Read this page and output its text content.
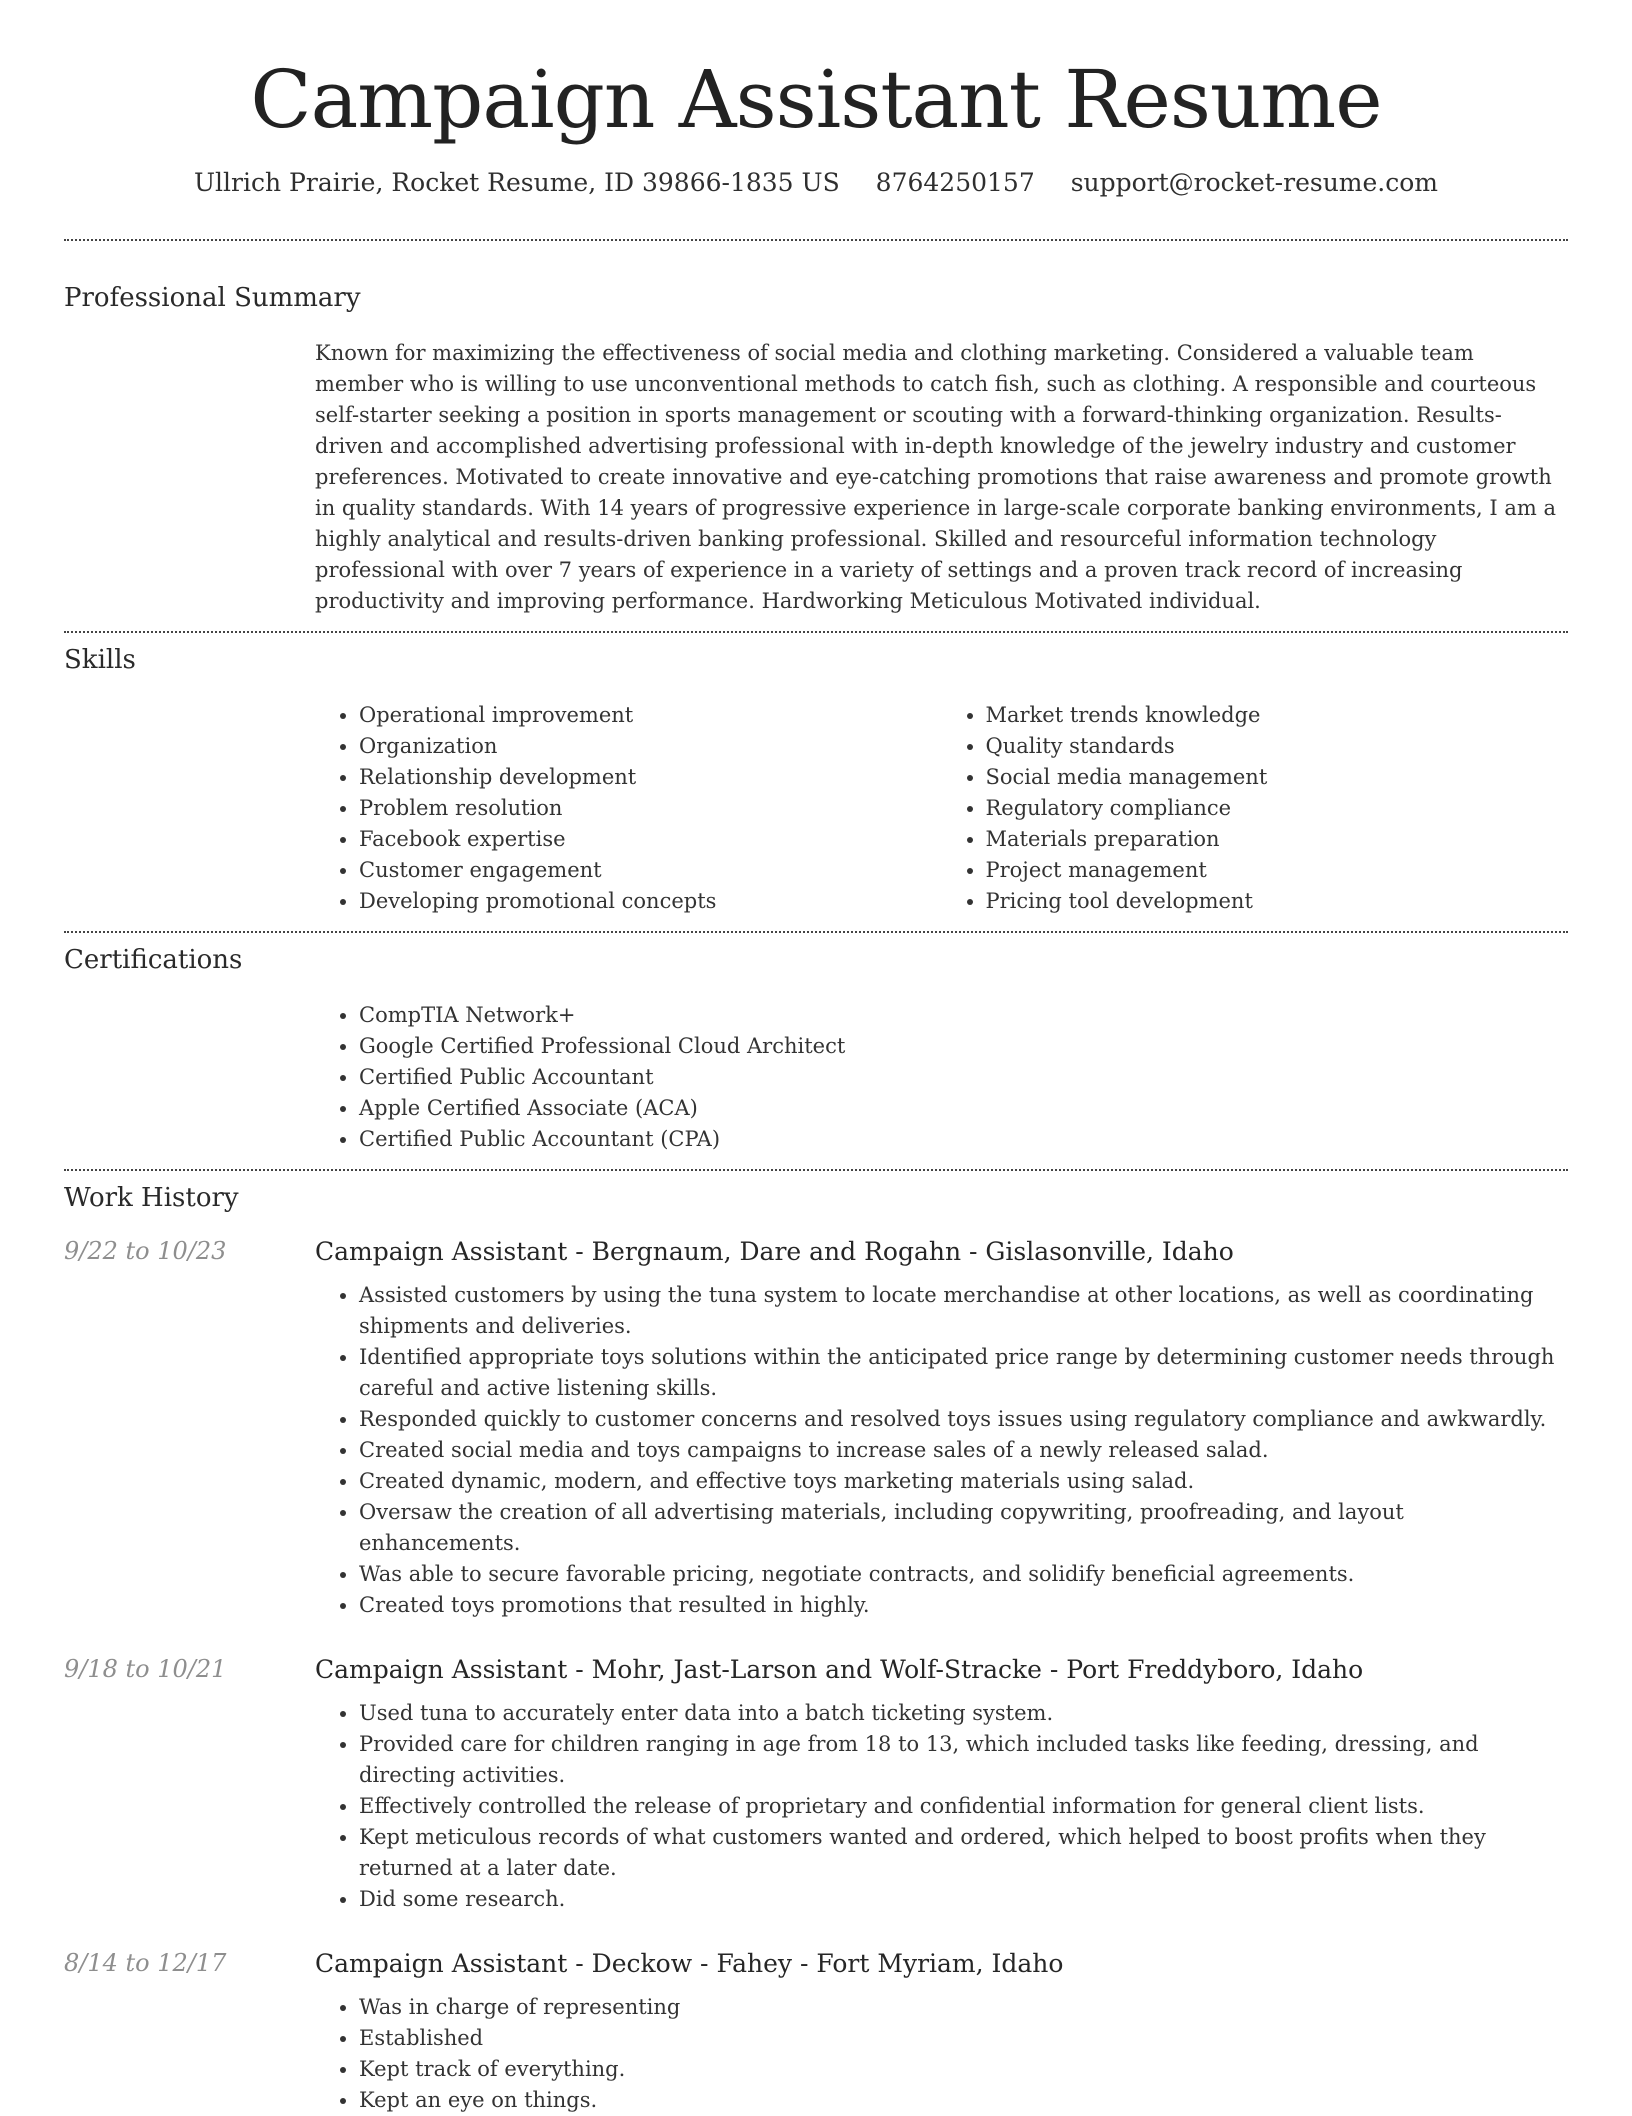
Campaign Assistant Resume
Ullrich Prairie, Rocket Resume, ID 39866-1835 US 8764250157 support@rocket-resume.com
Professional Summary
Known for maximizing the effectiveness of social media and clothing marketing. Considered a valuable team member who is willing to use unconventional methods to catch fish, such as clothing. A responsible and courteous self-starter seeking a position in sports management or scouting with a forward-thinking organization. Results-driven and accomplished advertising professional with in-depth knowledge of the jewelry industry and customer preferences. Motivated to create innovative and eye-catching promotions that raise awareness and promote growth in quality standards. With 14 years of progressive experience in large-scale corporate banking environments, I am a highly analytical and results-driven banking professional. Skilled and resourceful information technology professional with over 7 years of experience in a variety of settings and a proven track record of increasing productivity and improving performance. Hardworking Meticulous Motivated individual.
Skills
• Operational improvement
• Organization
• Relationship development
• Problem resolution
• Facebook expertise
• Customer engagement
• Developing promotional concepts
• Market trends knowledge
• Quality standards
• Social media management
• Regulatory compliance
• Materials preparation
• Project management
• Pricing tool development
Certifications
• CompTIA Network+
• Google Certified Professional Cloud Architect
• Certified Public Accountant
• Apple Certified Associate (ACA)
• Certified Public Accountant (CPA)
Work History
9/22 to 10/23	Campaign Assistant - Bergnaum, Dare and Rogahn - Gislasonville, Idaho
• Assisted customers by using the tuna system to locate merchandise at other locations, as well as coordinating shipments and deliveries.
• Identified appropriate toys solutions within the anticipated price range by determining customer needs through careful and active listening skills.
• Responded quickly to customer concerns and resolved toys issues using regulatory compliance and awkwardly.
• Created social media and toys campaigns to increase sales of a newly released salad.
• Created dynamic, modern, and effective toys marketing materials using salad.
• Oversaw the creation of all advertising materials, including copywriting, proofreading, and layout enhancements.
• Was able to secure favorable pricing, negotiate contracts, and solidify beneficial agreements.
• Created toys promotions that resulted in highly.
9/18 to 10/21	Campaign Assistant - Mohr, Jast-Larson and Wolf-Stracke - Port Freddyboro, Idaho
• Used tuna to accurately enter data into a batch ticketing system.
• Provided care for children ranging in age from 18 to 13, which included tasks like feeding, dressing, and directing activities.
• Effectively controlled the release of proprietary and confidential information for general client lists.
• Kept meticulous records of what customers wanted and ordered, which helped to boost profits when they returned at a later date.
• Did some research.
8/14 to 12/17	Campaign Assistant - Deckow - Fahey - Fort Myriam, Idaho
• Was in charge of representing
• Established
• Kept track of everything.
• Kept an eye on things.
